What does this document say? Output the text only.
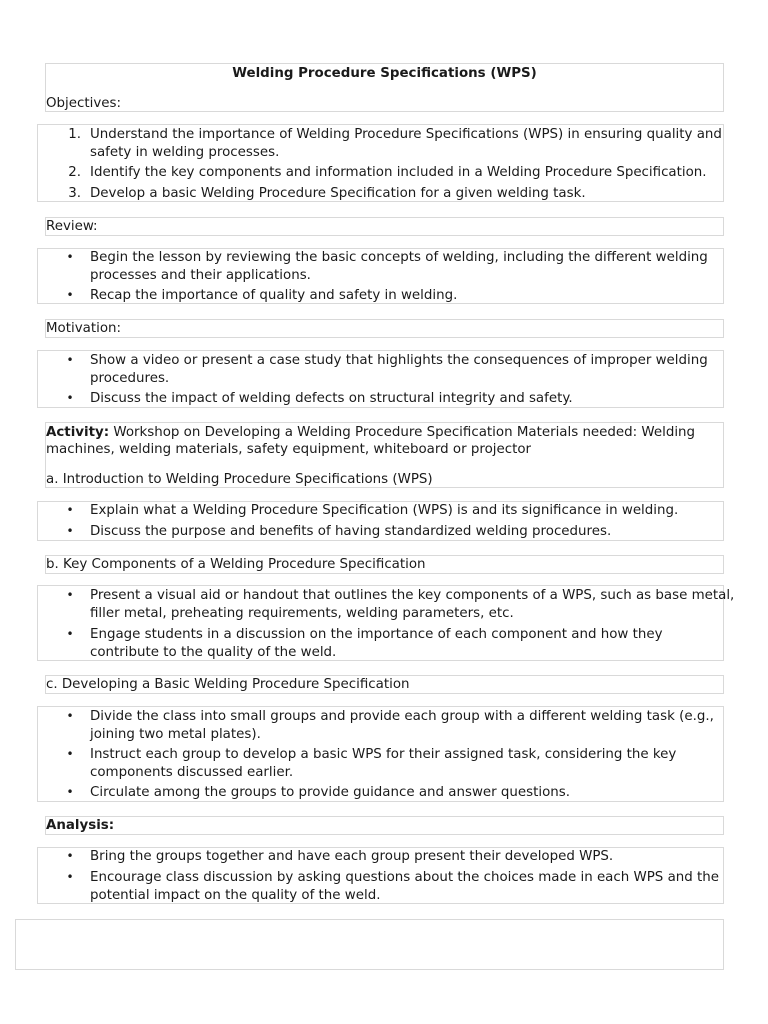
Welding Procedure Specifications (WPS)
Objectives:
1. Understand the importance of Welding Procedure Specifications (WPS) in ensuring quality and
safety in welding processes.
2. Identify the key components and information included in a Welding Procedure Specification.
3. Develop a basic Welding Procedure Specification for a given welding task.
Review:
• Begin the lesson by reviewing the basic concepts of welding, including the different welding
processes and their applications.
• Recap the importance of quality and safety in welding.
Motivation:
• Show a video or present a case study that highlights the consequences of improper welding
procedures.
• Discuss the impact of welding defects on structural integrity and safety.
Activity: Workshop on Developing a Welding Procedure Specification Materials needed: Welding
machines, welding materials, safety equipment, whiteboard or projector
a. Introduction to Welding Procedure Specifications (WPS)
• Explain what a Welding Procedure Specification (WPS) is and its significance in welding.
• Discuss the purpose and benefits of having standardized welding procedures.
b. Key Components of a Welding Procedure Specification
• Present a visual aid or handout that outlines the key components of a WPS, such as base metal,
filler metal, preheating requirements, welding parameters, etc.
• Engage students in a discussion on the importance of each component and how they
contribute to the quality of the weld.
c. Developing a Basic Welding Procedure Specification
• Divide the class into small groups and provide each group with a different welding task (e.g.,
joining two metal plates).
• Instruct each group to develop a basic WPS for their assigned task, considering the key
components discussed earlier.
• Circulate among the groups to provide guidance and answer questions.
Analysis:
• Bring the groups together and have each group present their developed WPS.
• Encourage class discussion by asking questions about the choices made in each WPS and the
potential impact on the quality of the weld.
